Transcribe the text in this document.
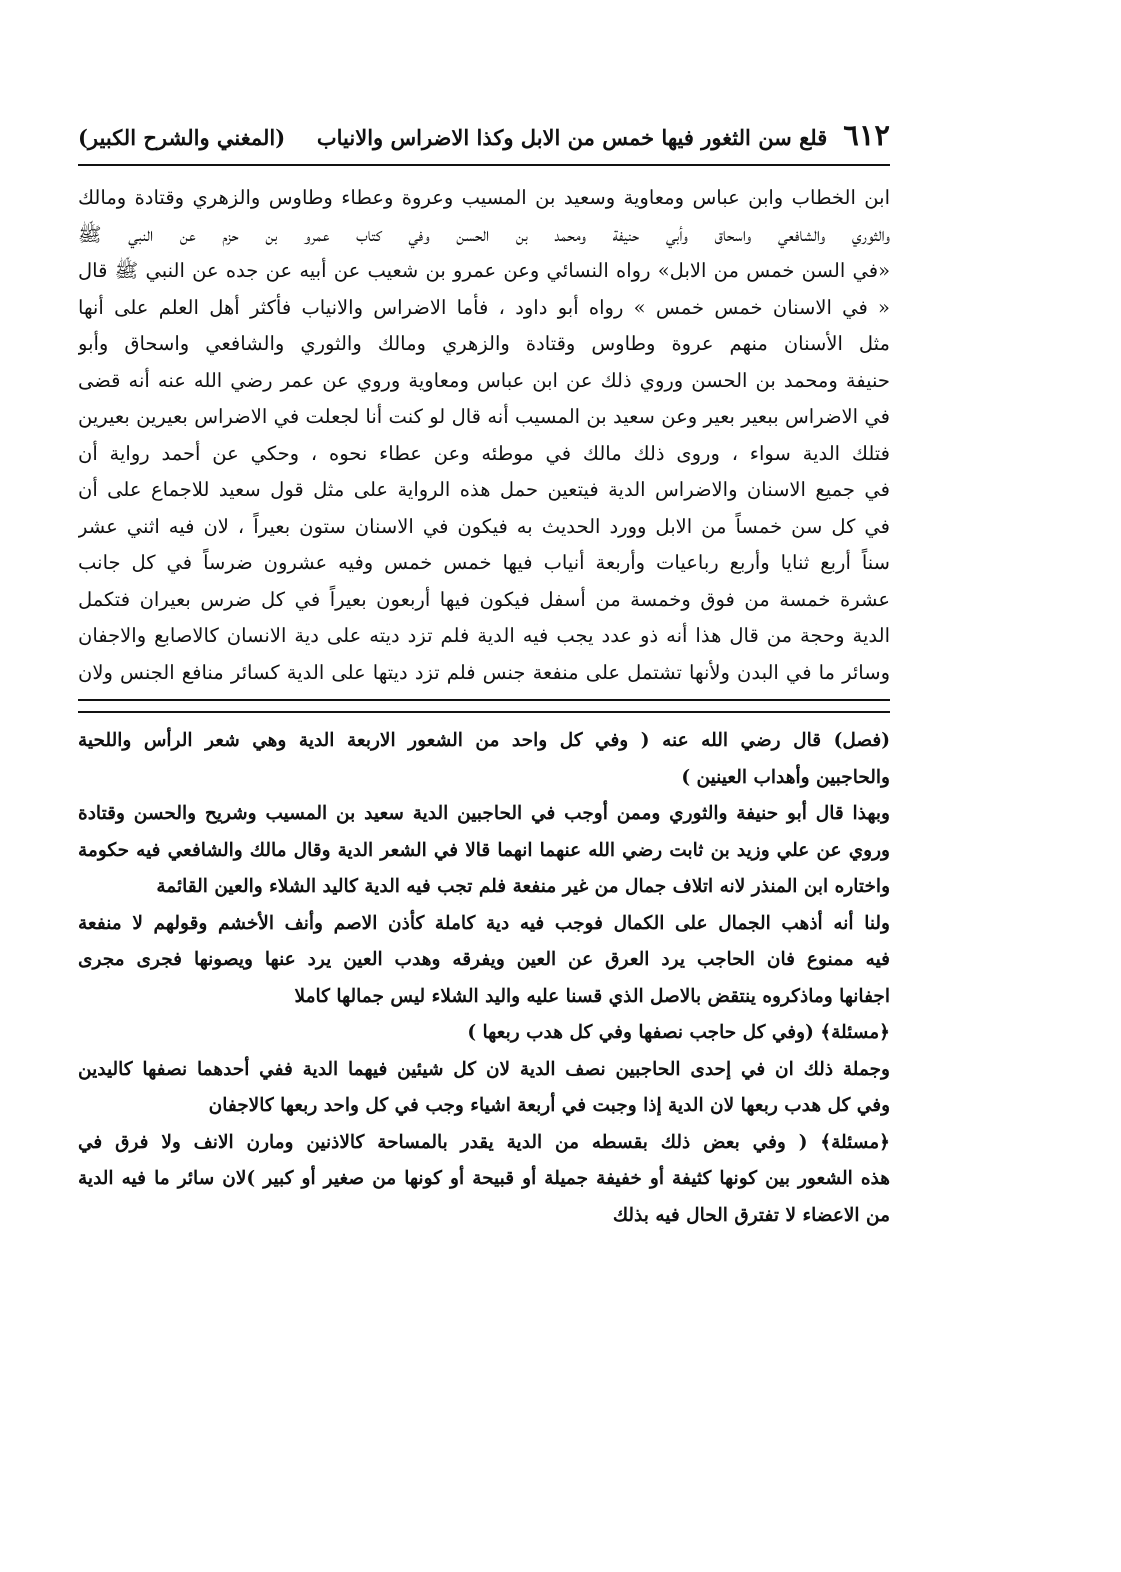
٦١٢
قلع سن الثغور فيها خمس من الابل وكذا الاضراس والانياب
(المغني والشرح الكبير)
ابن الخطاب وابن عباس ومعاوية وسعيد بن المسيب وعروة وعطاء وطاوس والزهري وقتادة ومالك
والثوري والشافعي واسحاق وأبي حنيفة ومحمد بن الحسن وفي كتاب عمرو بن حزم عن النبي ﷺ
«في السن خمس من الابل» رواه النسائي وعن عمرو بن شعيب عن أبيه عن جده عن النبي ﷺ قال
« في الاسنان خمس خمس » رواه أبو داود ، فأما الاضراس والانياب فأكثر أهل العلم على أنها
مثل الأسنان منهم عروة وطاوس وقتادة والزهري ومالك والثوري والشافعي واسحاق وأبو
حنيفة ومحمد بن الحسن وروي ذلك عن ابن عباس ومعاوية وروي عن عمر رضي الله عنه أنه قضى
في الاضراس ببعير بعير وعن سعيد بن المسيب أنه قال لو كنت أنا لجعلت في الاضراس بعيرين بعيرين
فتلك الدية سواء ، وروى ذلك مالك في موطئه وعن عطاء نحوه ، وحكي عن أحمد رواية أن
في جميع الاسنان والاضراس الدية فيتعين حمل هذه الرواية على مثل قول سعيد للاجماع على أن
في كل سن خمساً من الابل وورد الحديث به فيكون في الاسنان ستون بعيراً ، لان فيه اثني عشر
سناً أربع ثنايا وأربع رباعيات وأربعة أنياب فيها خمس خمس وفيه عشرون ضرساً في كل جانب
عشرة خمسة من فوق وخمسة من أسفل فيكون فيها أربعون بعيراً في كل ضرس بعيران فتكمل
الدية وحجة من قال هذا أنه ذو عدد يجب فيه الدية فلم تزد ديته على دية الانسان كالاصابع والاجفان
وسائر ما في البدن ولأنها تشتمل على منفعة جنس فلم تزد ديتها على الدية كسائر منافع الجنس ولان
(فصل) قال رضي الله عنه ( وفي كل واحد من الشعور الاربعة الدية وهي شعر الرأس واللحية
والحاجبين وأهداب العينين )
وبهذا قال أبو حنيفة والثوري وممن أوجب في الحاجبين الدية سعيد بن المسيب وشريح والحسن وقتادة
وروي عن علي وزيد بن ثابت رضي الله عنهما انهما قالا في الشعر الدية وقال مالك والشافعي فيه حكومة
واختاره ابن المنذر لانه اتلاف جمال من غير منفعة فلم تجب فيه الدية كاليد الشلاء والعين القائمة
ولنا أنه أذهب الجمال على الكمال فوجب فيه دية كاملة كأذن الاصم وأنف الأخشم وقولهم لا منفعة
فيه ممنوع فان الحاجب يرد العرق عن العين ويفرقه وهدب العين يرد عنها ويصونها فجرى مجرى
اجفانها وماذكروه ينتقض بالاصل الذي قسنا عليه واليد الشلاء ليس جمالها كاملا
﴿مسئلة﴾ (وفي كل حاجب نصفها وفي كل هدب ربعها )
وجملة ذلك ان في إحدى الحاجبين نصف الدية لان كل شيئين فيهما الدية ففي أحدهما نصفها كاليدين
وفي كل هدب ربعها لان الدية إذا وجبت في أربعة اشياء وجب في كل واحد ربعها كالاجفان
﴿مسئلة﴾ ( وفي بعض ذلك بقسطه من الدية يقدر بالمساحة كالاذنين ومارن الانف ولا فرق في
هذه الشعور بين كونها كثيفة أو خفيفة جميلة أو قبيحة أو كونها من صغير أو كبير )لان سائر ما فيه الدية
من الاعضاء لا تفترق الحال فيه بذلك
